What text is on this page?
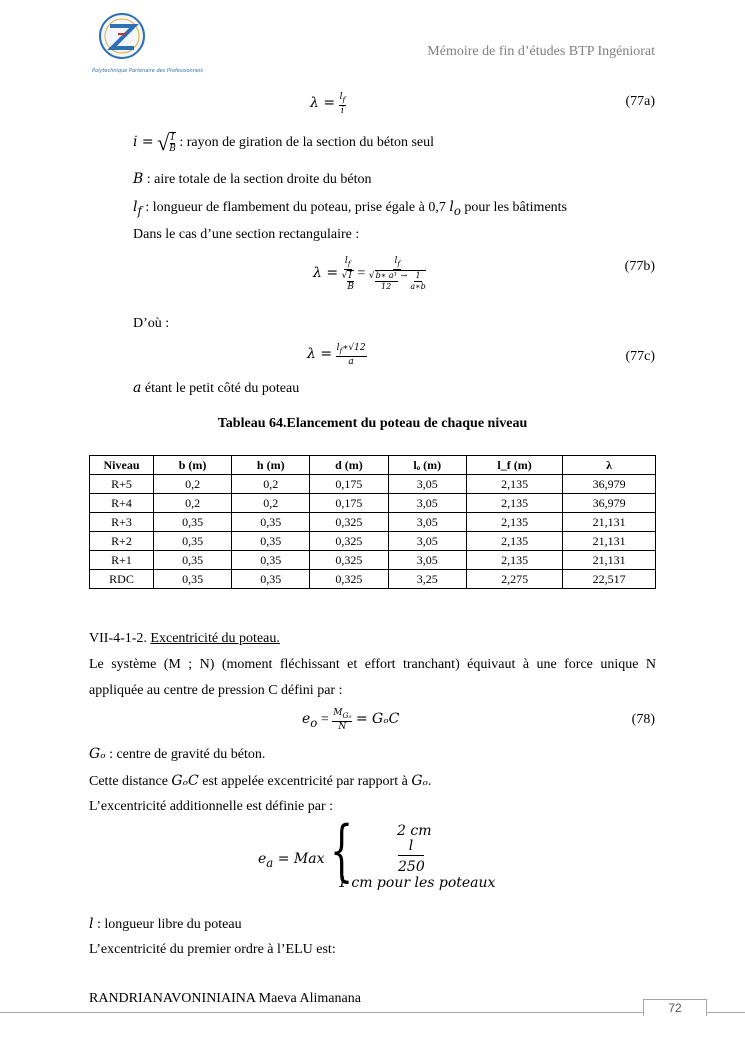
Polytechnique Partenaire des Professionnels
Mémoire de fin d’études BTP Ingéniorat
$\lambda = \frac{l_f}{i}$	(77a)
i = √ $\frac{I}{B}$ : rayon de giration de la section du béton seul
B : aire totale de la section droite du béton
$l_f$ : longueur de flambement du poteau, prise égale à 0,7 $l_o$ pour les bâtiments
Dans le cas d’une section rectangulaire :
$\lambda = \frac{l_f}{√ \frac{I}{B}} = \frac{l_f}{√ \frac{\text{b∗ a³}}{12} \to \frac{1}{a∗b}}$	(77b)
D’où :
$\lambda = \frac{l_f∗√12}{a}$	(77c)
a étant le petit côté du poteau
Tableau 64.Elancement du poteau de chaque niveau
Niveau	b (m)	h (m)	d (m)	lₒ (m)	l_f (m)	λ
R+5	0,2	0,2	0,175	3,05	2,135	36,979
R+4	0,2	0,2	0,175	3,05	2,135	36,979
R+3	0,35	0,35	0,325	3,05	2,135	21,131
R+2	0,35	0,35	0,325	3,05	2,135	21,131
R+1	0,35	0,35	0,325	3,05	2,135	21,131
RDC	0,35	0,35	0,325	3,25	2,275	22,517
VII-4-1-2. Excentricité du poteau.
Le système (M ; N) (moment fléchissant et effort tranchant) équivaut à une force unique N
appliquée au centre de pression C défini par :
$e_o = \frac{M_{G_o}}{N} = G_oC$	(78)
Gₒ : centre de gravité du béton.
Cette distance GₒC est appelée excentricité par rapport à Gₒ.
L’excentricité additionnelle est définie par :
$e_a$ = Max {	2 cm
l
250
1 cm pour les poteaux
l : longueur libre du poteau
L’excentricité du premier ordre à l’ELU est:
RANDRIANAVONINIAINA Maeva Alimanana
72
